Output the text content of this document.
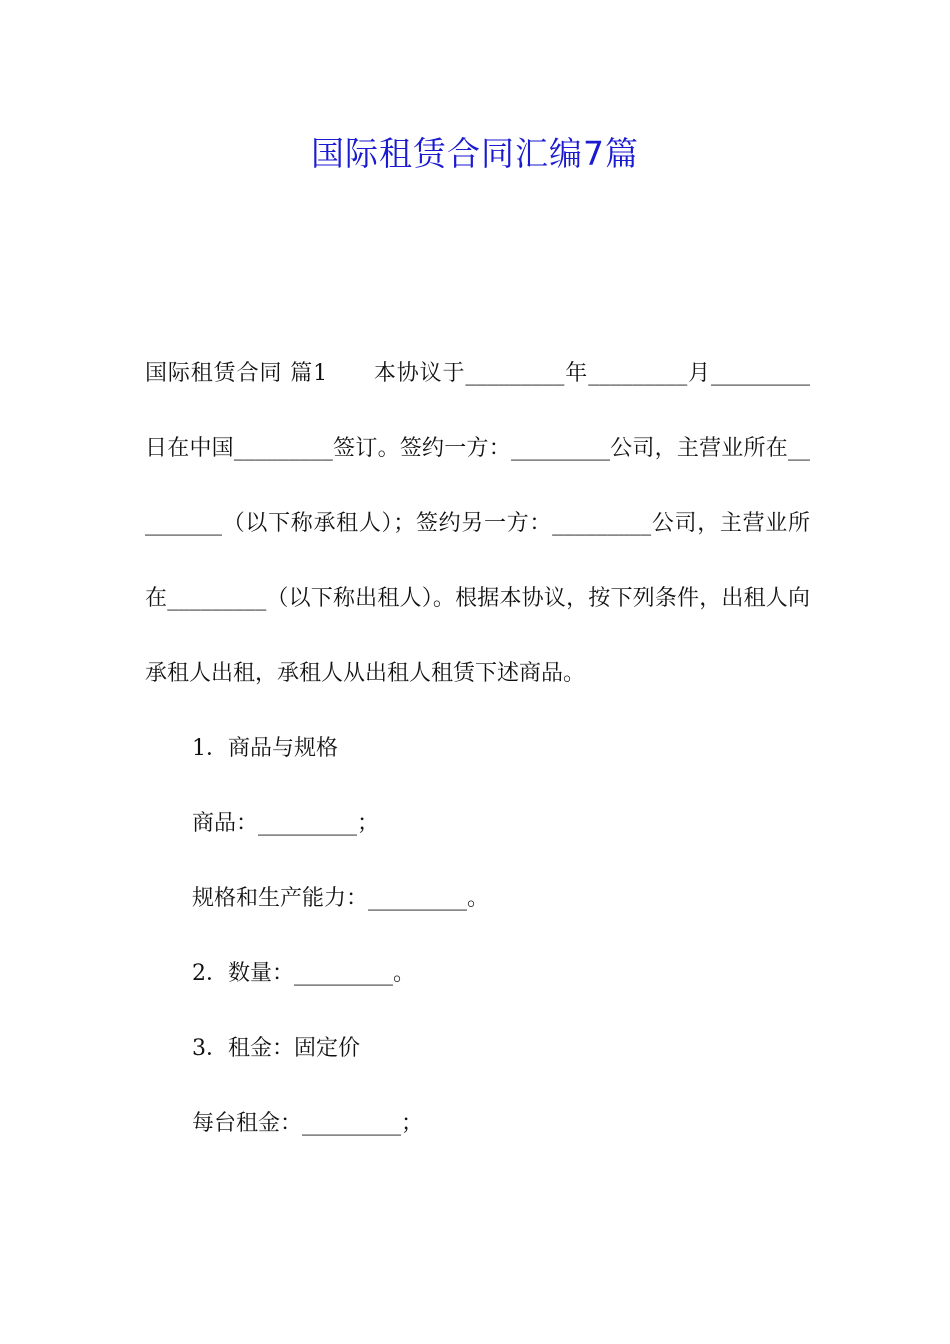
国际租赁合同汇编7篇

国际租赁合同 篇1　　本协议于_________年_________月_________日在中国_________签订。签约一方：_________公司，主营业所在_________（以下称承租人）；签约另一方：_________公司，主营业所在_________（以下称出租人）。根据本协议，按下列条件，出租人向承租人出租，承租人从出租人租赁下述商品。

1．商品与规格

商品：_________；

规格和生产能力：_________。

2．数量：_________。

3．租金：固定价

每台租金：_________；
